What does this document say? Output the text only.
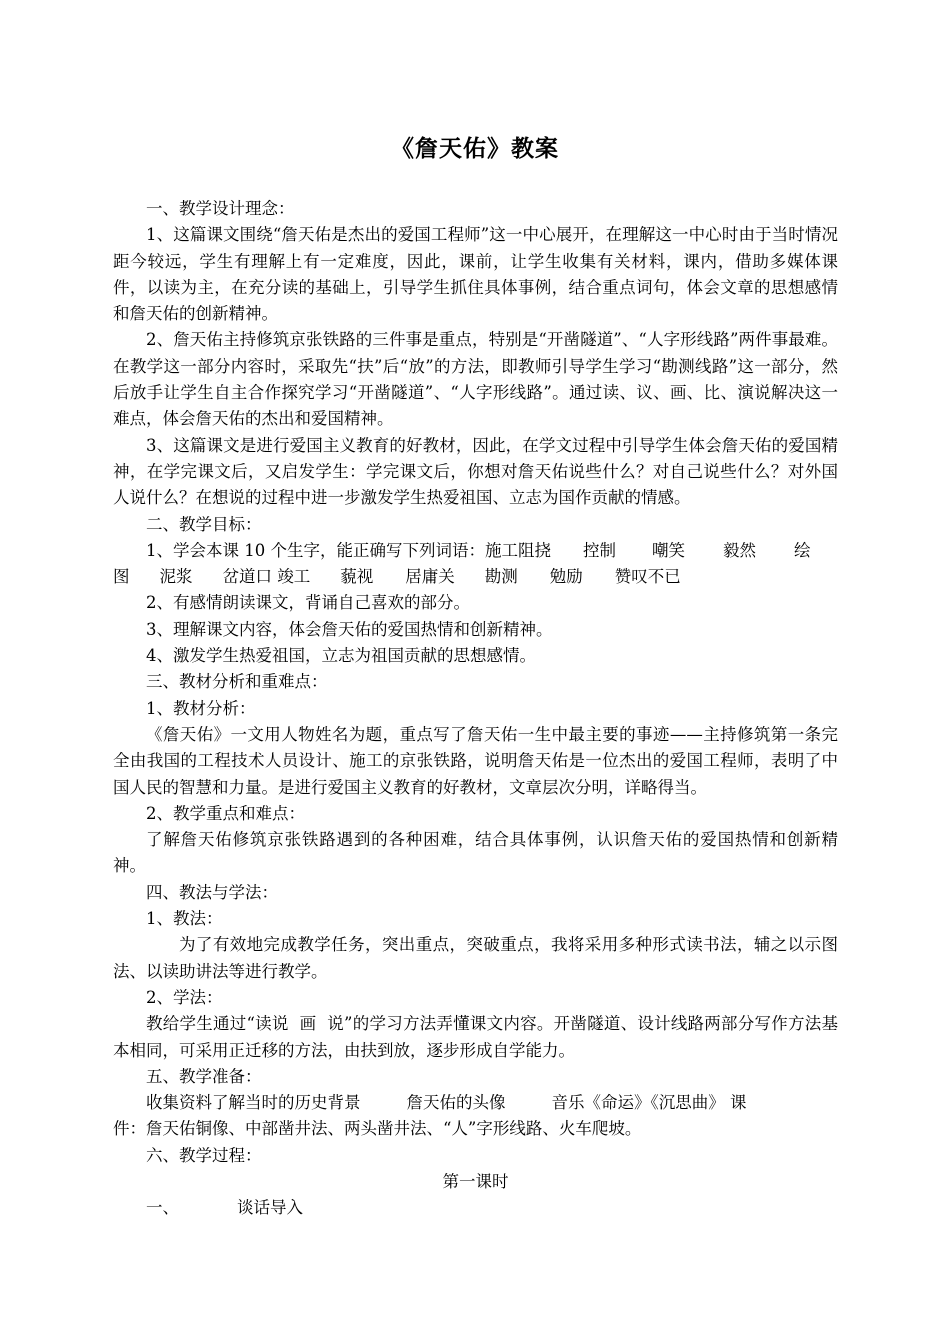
《詹天佑》教案

一、教学设计理念：

1、这篇课文围绕“詹天佑是杰出的爱国工程师”这一中心展开，在理解这一中心时由于当时情况距今较远，学生有理解上有一定难度，因此，课前，让学生收集有关材料，课内，借助多媒体课件，以读为主，在充分读的基础上，引导学生抓住具体事例，结合重点词句，体会文章的思想感情和詹天佑的创新精神。

2、詹天佑主持修筑京张铁路的三件事是重点，特别是“开凿隧道”、“人字形线路”两件事最难。在教学这一部分内容时，采取先“扶”后“放”的方法，即教师引导学生学习“勘测线路”这一部分，然后放手让学生自主合作探究学习“开凿隧道”、“人字形线路”。通过读、议、画、比、演说解决这一难点，体会詹天佑的杰出和爱国精神。

3、这篇课文是进行爱国主义教育的好教材，因此，在学文过程中引导学生体会詹天佑的爱国精神，在学完课文后，又启发学生：学完课文后，你想对詹天佑说些什么？对自己说些什么？对外国人说什么？在想说的过程中进一步激发学生热爱祖国、立志为国作贡献的情感。

二、教学目标：

1、学会本课 10 个生字，能正确写下列词语：施工阻挠 控制 嘲笑 毅然 绘

图 泥浆 岔道口 竣工 藐视 居庸关 勘测 勉励 赞叹不已

2、有感情朗读课文，背诵自己喜欢的部分。

3、理解课文内容，体会詹天佑的爱国热情和创新精神。

4、激发学生热爱祖国，立志为祖国贡献的思想感情。

三、教材分析和重难点：

1、教材分析：

《詹天佑》一文用人物姓名为题，重点写了詹天佑一生中最主要的事迹——主持修筑第一条完全由我国的工程技术人员设计、施工的京张铁路，说明詹天佑是一位杰出的爱国工程师，表明了中国人民的智慧和力量。是进行爱国主义教育的好教材，文章层次分明，详略得当。

2、教学重点和难点：

了解詹天佑修筑京张铁路遇到的各种困难，结合具体事例，认识詹天佑的爱国热情和创新精神。

四、教法与学法：

1、教法：

为了有效地完成教学任务，突出重点，突破重点，我将采用多种形式读书法，辅之以示图法、以读助讲法等进行教学。

2、学法：

教给学生通过“读说  画  说”的学习方法弄懂课文内容。开凿隧道、设计线路两部分写作方法基本相同，可采用正迁移的方法，由扶到放，逐步形成自学能力。

五、教学准备：

收集资料了解当时的历史背景	詹天佑的头像	音乐《命运》《沉思曲》 课

件：詹天佑铜像、中部凿井法、两头凿井法、“人”字形线路、火车爬坡。

六、教学过程：

第一课时

一、	谈话导入
